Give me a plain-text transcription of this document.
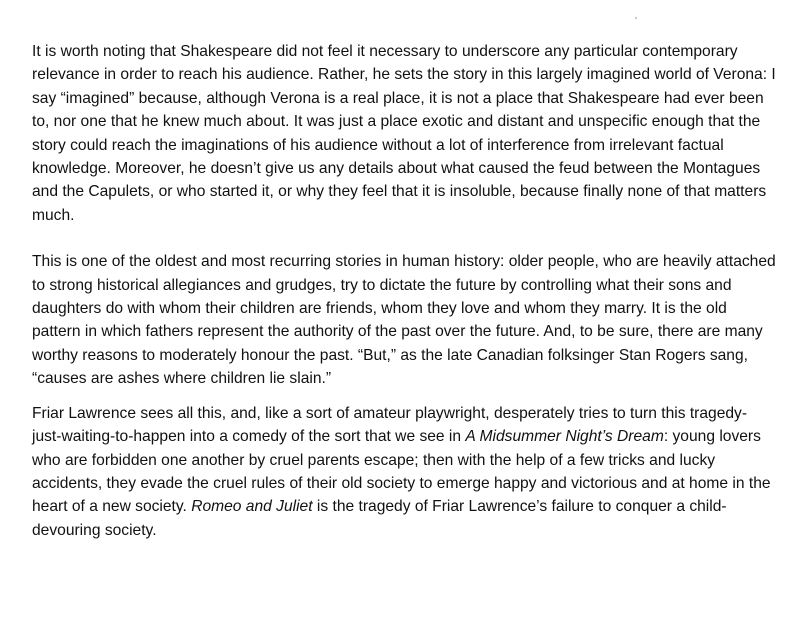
It is worth noting that Shakespeare did not feel it necessary to underscore any particular contemporary relevance in order to reach his audience. Rather, he sets the story in this largely imagined world of Verona: I say “imagined” because, although Verona is a real place, it is not a place that Shakespeare had ever been to, nor one that he knew much about. It was just a place exotic and distant and unspecific enough that the story could reach the imaginations of his audience without a lot of interference from irrelevant factual knowledge. Moreover, he doesn’t give us any details about what caused the feud between the Montagues and the Capulets, or who started it, or why they feel that it is insoluble, because finally none of that matters much.

This is one of the oldest and most recurring stories in human history: older people, who are heavily attached to strong historical allegiances and grudges, try to dictate the future by controlling what their sons and daughters do with whom their children are friends, whom they love and whom they marry. It is the old pattern in which fathers represent the authority of the past over the future. And, to be sure, there are many worthy reasons to moderately honour the past. “But,” as the late Canadian folksinger Stan Rogers sang, “causes are ashes where children lie slain.”

Friar Lawrence sees all this, and, like a sort of amateur playwright, desperately tries to turn this tragedy-just-waiting-to-happen into a comedy of the sort that we see in A Midsummer Night’s Dream: young lovers who are forbidden one another by cruel parents escape; then with the help of a few tricks and lucky accidents, they evade the cruel rules of their old society to emerge happy and victorious and at home in the heart of a new society. Romeo and Juliet is the tragedy of Friar Lawrence’s failure to conquer a child-devouring society.
